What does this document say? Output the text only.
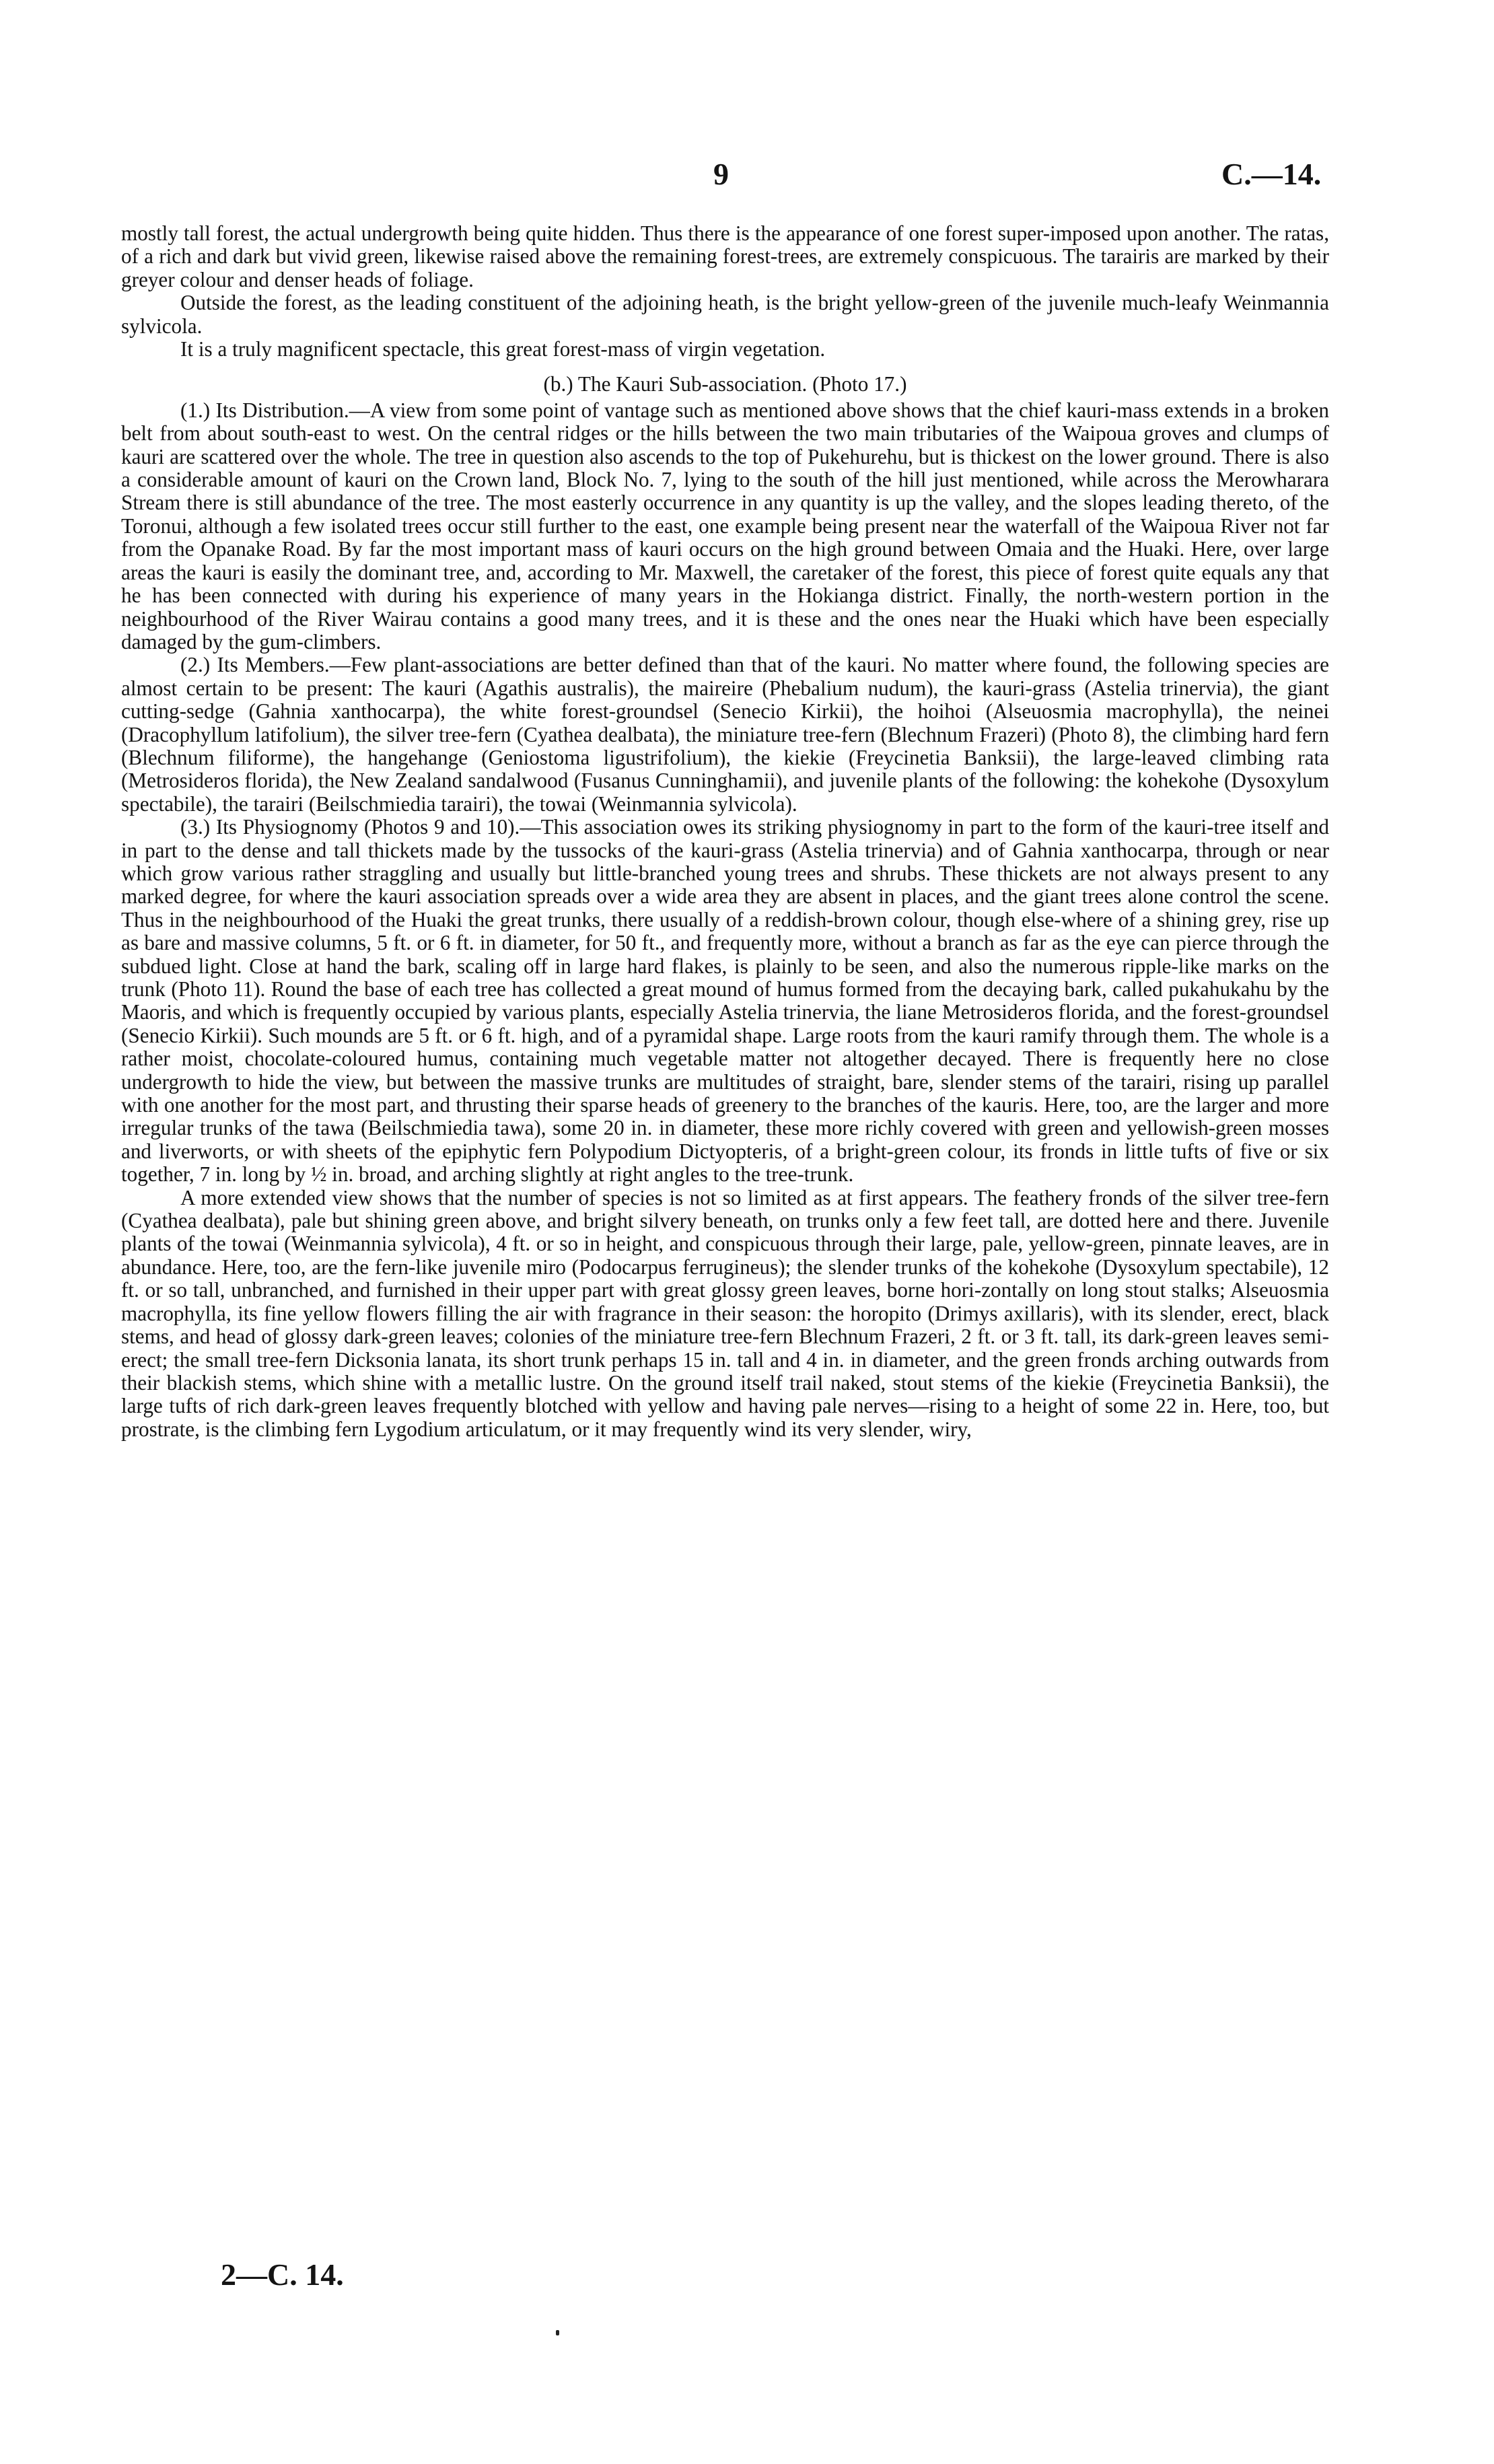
9	C.—14.

mostly tall forest, the actual undergrowth being quite hidden. Thus there is the appearance of one forest super-imposed upon another. The ratas, of a rich and dark but vivid green, likewise raised above the remaining forest-trees, are extremely conspicuous. The tarairis are marked by their greyer colour and denser heads of foliage.

Outside the forest, as the leading constituent of the adjoining heath, is the bright yellow-green of the juvenile much-leafy Weinmannia sylvicola.

It is a truly magnificent spectacle, this great forest-mass of virgin vegetation.

(b.) The Kauri Sub-association. (Photo 17.)

(1.) Its Distribution.—A view from some point of vantage such as mentioned above shows that the chief kauri-mass extends in a broken belt from about south-east to west. On the central ridges or the hills between the two main tributaries of the Waipoua groves and clumps of kauri are scattered over the whole. The tree in question also ascends to the top of Pukehurehu, but is thickest on the lower ground. There is also a considerable amount of kauri on the Crown land, Block No. 7, lying to the south of the hill just mentioned, while across the Merowharara Stream there is still abundance of the tree. The most easterly occurrence in any quantity is up the valley, and the slopes leading thereto, of the Toronui, although a few isolated trees occur still further to the east, one example being present near the waterfall of the Waipoua River not far from the Opanake Road. By far the most important mass of kauri occurs on the high ground between Omaia and the Huaki. Here, over large areas the kauri is easily the dominant tree, and, according to Mr. Maxwell, the caretaker of the forest, this piece of forest quite equals any that he has been connected with during his experience of many years in the Hokianga district. Finally, the north-western portion in the neighbourhood of the River Wairau contains a good many trees, and it is these and the ones near the Huaki which have been especially damaged by the gum-climbers.

(2.) Its Members.—Few plant-associations are better defined than that of the kauri. No matter where found, the following species are almost certain to be present: The kauri (Agathis australis), the maireire (Phebalium nudum), the kauri-grass (Astelia trinervia), the giant cutting-sedge (Gahnia xanthocarpa), the white forest-groundsel (Senecio Kirkii), the hoihoi (Alseuosmia macrophylla), the neinei (Dracophyllum latifolium), the silver tree-fern (Cyathea dealbata), the miniature tree-fern (Blechnum Frazeri) (Photo 8), the climbing hard fern (Blechnum filiforme), the hangehange (Geniostoma ligustrifolium), the kiekie (Freycinetia Banksii), the large-leaved climbing rata (Metrosideros florida), the New Zealand sandalwood (Fusanus Cunninghamii), and juvenile plants of the following: the kohekohe (Dysoxylum spectabile), the tarairi (Beilschmiedia tarairi), the towai (Weinmannia sylvicola).

(3.) Its Physiognomy (Photos 9 and 10).—This association owes its striking physiognomy in part to the form of the kauri-tree itself and in part to the dense and tall thickets made by the tussocks of the kauri-grass (Astelia trinervia) and of Gahnia xanthocarpa, through or near which grow various rather straggling and usually but little-branched young trees and shrubs. These thickets are not always present to any marked degree, for where the kauri association spreads over a wide area they are absent in places, and the giant trees alone control the scene. Thus in the neighbourhood of the Huaki the great trunks, there usually of a reddish-brown colour, though else-where of a shining grey, rise up as bare and massive columns, 5 ft. or 6 ft. in diameter, for 50 ft., and frequently more, without a branch as far as the eye can pierce through the subdued light. Close at hand the bark, scaling off in large hard flakes, is plainly to be seen, and also the numerous ripple-like marks on the trunk (Photo 11). Round the base of each tree has collected a great mound of humus formed from the decaying bark, called pukahukahu by the Maoris, and which is frequently occupied by various plants, especially Astelia trinervia, the liane Metrosideros florida, and the forest-groundsel (Senecio Kirkii). Such mounds are 5 ft. or 6 ft. high, and of a pyramidal shape. Large roots from the kauri ramify through them. The whole is a rather moist, chocolate-coloured humus, containing much vegetable matter not altogether decayed. There is frequently here no close undergrowth to hide the view, but between the massive trunks are multitudes of straight, bare, slender stems of the tarairi, rising up parallel with one another for the most part, and thrusting their sparse heads of greenery to the branches of the kauris. Here, too, are the larger and more irregular trunks of the tawa (Beilschmiedia tawa), some 20 in. in diameter, these more richly covered with green and yellowish-green mosses and liverworts, or with sheets of the epiphytic fern Polypodium Dictyopteris, of a bright-green colour, its fronds in little tufts of five or six together, 7 in. long by ½ in. broad, and arching slightly at right angles to the tree-trunk.

A more extended view shows that the number of species is not so limited as at first appears. The feathery fronds of the silver tree-fern (Cyathea dealbata), pale but shining green above, and bright silvery beneath, on trunks only a few feet tall, are dotted here and there. Juvenile plants of the towai (Weinmannia sylvicola), 4 ft. or so in height, and conspicuous through their large, pale, yellow-green, pinnate leaves, are in abundance. Here, too, are the fern-like juvenile miro (Podocarpus ferrugineus); the slender trunks of the kohekohe (Dysoxylum spectabile), 12 ft. or so tall, unbranched, and furnished in their upper part with great glossy green leaves, borne hori-zontally on long stout stalks; Alseuosmia macrophylla, its fine yellow flowers filling the air with fragrance in their season: the horopito (Drimys axillaris), with its slender, erect, black stems, and head of glossy dark-green leaves; colonies of the miniature tree-fern Blechnum Frazeri, 2 ft. or 3 ft. tall, its dark-green leaves semi-erect; the small tree-fern Dicksonia lanata, its short trunk perhaps 15 in. tall and 4 in. in diameter, and the green fronds arching outwards from their blackish stems, which shine with a metallic lustre. On the ground itself trail naked, stout stems of the kiekie (Freycinetia Banksii), the large tufts of rich dark-green leaves frequently blotched with yellow and having pale nerves—rising to a height of some 22 in. Here, too, but prostrate, is the climbing fern Lygodium articulatum, or it may frequently wind its very slender, wiry,

2—C. 14.
